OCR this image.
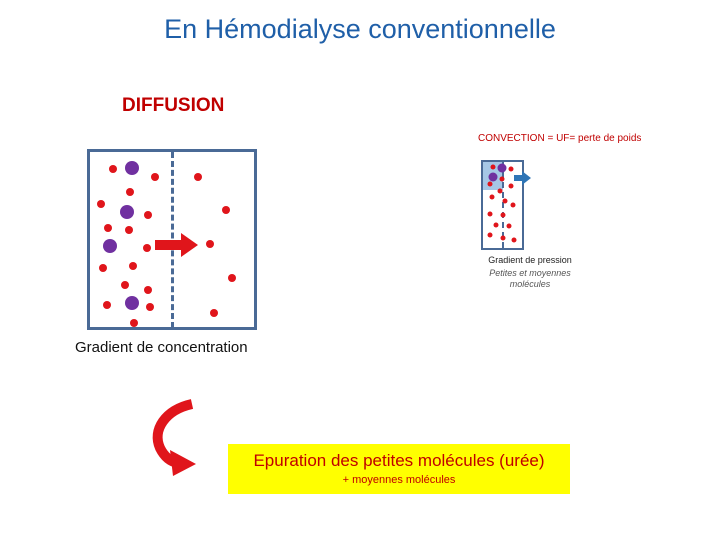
En Hémodialyse conventionnelle
DIFFUSION
CONVECTION = UF= perte de poids
Gradient de pression
Petites et moyennes
molécules
Gradient de concentration
Epuration des petites molécules (urée)
+ moyennes molécules
